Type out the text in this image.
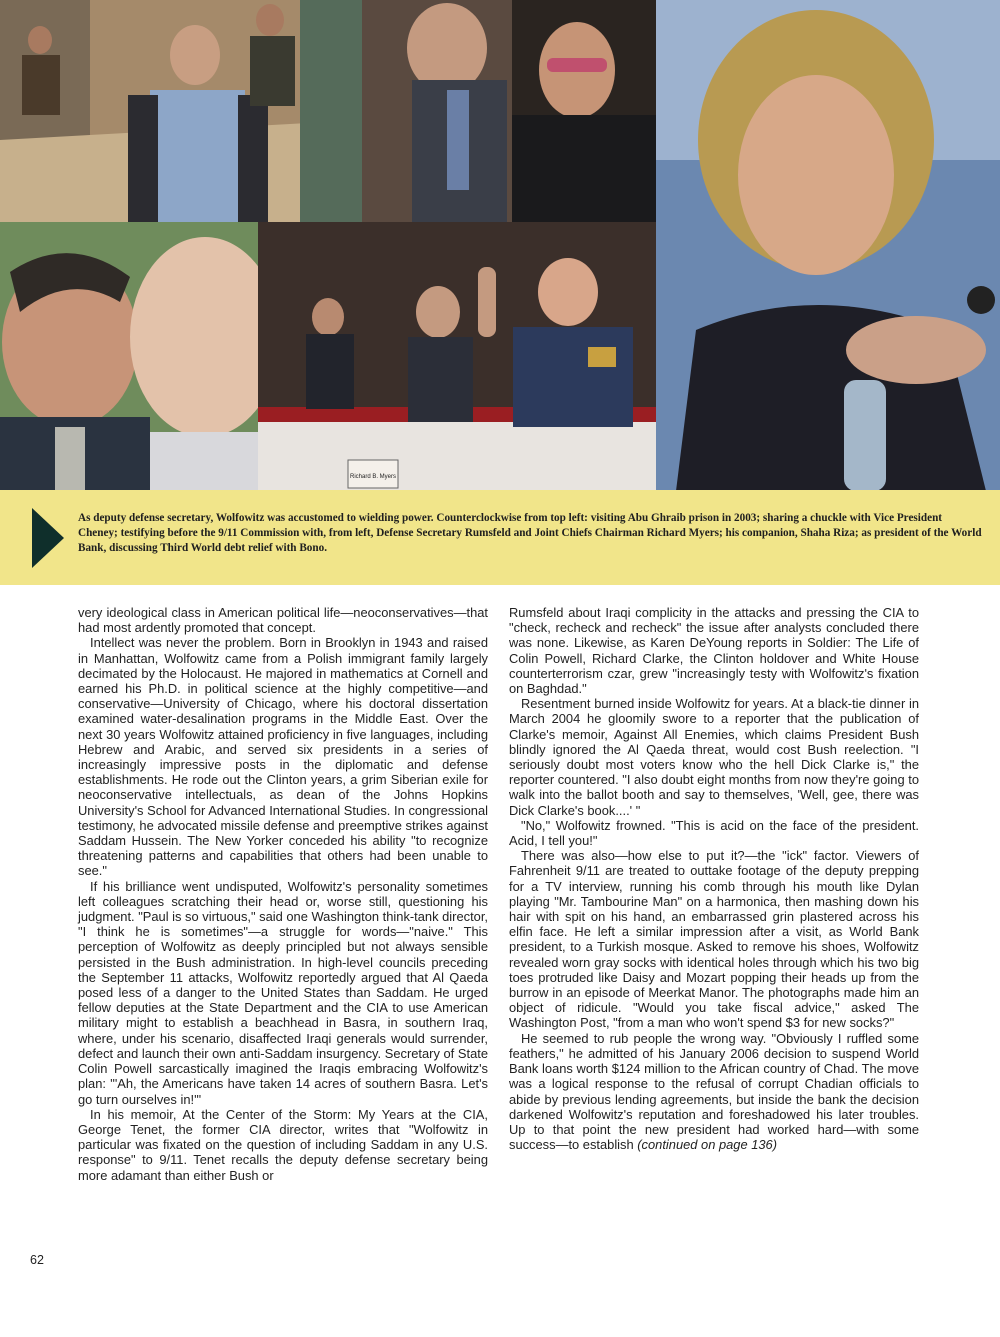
Richard B. Myers

As deputy defense secretary, Wolfowitz was accustomed to wielding power. Counterclockwise from top left: visiting Abu Ghraib prison in 2003; sharing a chuckle with Vice President Cheney; testifying before the 9/11 Commission with, from left, Defense Secretary Rumsfeld and Joint Chiefs Chairman Richard Myers; his companion, Shaha Riza; as president of the World Bank, discussing Third World debt relief with Bono.

very ideological class in American political life—neoconservatives—that had most ardently promoted that concept.

Intellect was never the problem. Born in Brooklyn in 1943 and raised in Manhattan, Wolfowitz came from a Polish immigrant family largely decimated by the Holocaust. He majored in mathematics at Cornell and earned his Ph.D. in political science at the highly competitive—and conservative—University of Chicago, where his doctoral dissertation examined water-desalination programs in the Middle East. Over the next 30 years Wolfowitz attained proficiency in five languages, including Hebrew and Arabic, and served six presidents in a series of increasingly impressive posts in the diplomatic and defense establishments. He rode out the Clinton years, a grim Siberian exile for neoconservative intellectuals, as dean of the Johns Hopkins University's School for Advanced International Studies. In congressional testimony, he advocated missile defense and preemptive strikes against Saddam Hussein. The New Yorker conceded his ability "to recognize threatening patterns and capabilities that others had been unable to see."

If his brilliance went undisputed, Wolfowitz's personality sometimes left colleagues scratching their head or, worse still, questioning his judgment. "Paul is so virtuous," said one Washington think-tank director, "I think he is sometimes"—a struggle for words—"naive." This perception of Wolfowitz as deeply principled but not always sensible persisted in the Bush administration. In high-level councils preceding the September 11 attacks, Wolfowitz reportedly argued that Al Qaeda posed less of a danger to the United States than Saddam. He urged fellow deputies at the State Department and the CIA to use American military might to establish a beachhead in Basra, in southern Iraq, where, under his scenario, disaffected Iraqi generals would surrender, defect and launch their own anti-Saddam insurgency. Secretary of State Colin Powell sarcastically imagined the Iraqis embracing Wolfowitz's plan: "'Ah, the Americans have taken 14 acres of southern Basra. Let's go turn ourselves in!'"

In his memoir, At the Center of the Storm: My Years at the CIA, George Tenet, the former CIA director, writes that "Wolfowitz in particular was fixated on the question of including Saddam in any U.S. response" to 9/11. Tenet recalls the deputy defense secretary being more adamant than either Bush or

Rumsfeld about Iraqi complicity in the attacks and pressing the CIA to "check, recheck and recheck" the issue after analysts concluded there was none. Likewise, as Karen DeYoung reports in Soldier: The Life of Colin Powell, Richard Clarke, the Clinton holdover and White House counterterrorism czar, grew "increasingly testy with Wolfowitz's fixation on Baghdad."

Resentment burned inside Wolfowitz for years. At a black-tie dinner in March 2004 he gloomily swore to a reporter that the publication of Clarke's memoir, Against All Enemies, which claims President Bush blindly ignored the Al Qaeda threat, would cost Bush reelection. "I seriously doubt most voters know who the hell Dick Clarke is," the reporter countered. "I also doubt eight months from now they're going to walk into the ballot booth and say to themselves, 'Well, gee, there was Dick Clarke's book....' "

"No," Wolfowitz frowned. "This is acid on the face of the president. Acid, I tell you!"

There was also—how else to put it?—the "ick" factor. Viewers of Fahrenheit 9/11 are treated to outtake footage of the deputy prepping for a TV interview, running his comb through his mouth like Dylan playing "Mr. Tambourine Man" on a harmonica, then mashing down his hair with spit on his hand, an embarrassed grin plastered across his elfin face. He left a similar impression after a visit, as World Bank president, to a Turkish mosque. Asked to remove his shoes, Wolfowitz revealed worn gray socks with identical holes through which his two big toes protruded like Daisy and Mozart popping their heads up from the burrow in an episode of Meerkat Manor. The photographs made him an object of ridicule. "Would you take fiscal advice," asked The Washington Post, "from a man who won't spend $3 for new socks?"

He seemed to rub people the wrong way. "Obviously I ruffled some feathers," he admitted of his January 2006 decision to suspend World Bank loans worth $124 million to the African country of Chad. The move was a logical response to the refusal of corrupt Chadian officials to abide by previous lending agreements, but inside the bank the decision darkened Wolfowitz's reputation and foreshadowed his later troubles. Up to that point the new president had worked hard—with some success—to establish (continued on page 136)

62
